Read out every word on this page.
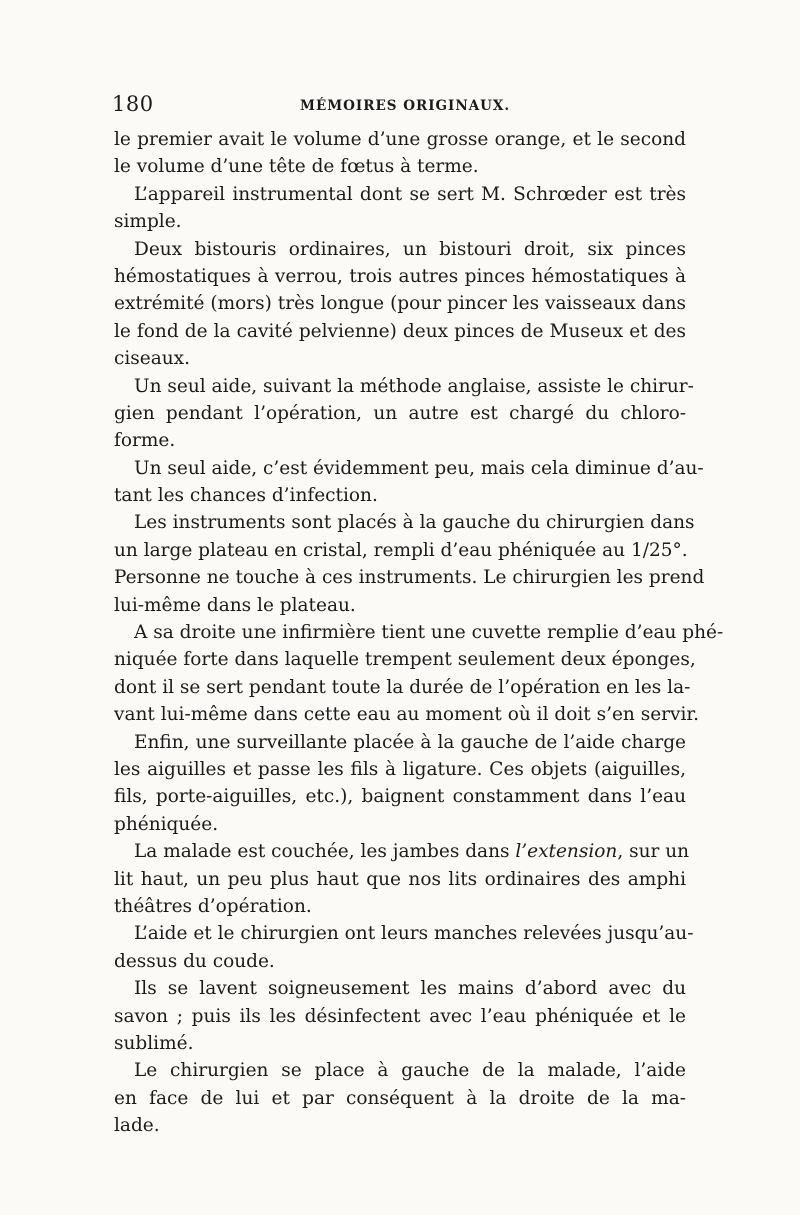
180	MÉMOIRES ORIGINAUX.
le premier avait le volume d’une grosse orange, et le second
le volume d’une tête de fœtus à terme.
L’appareil instrumental dont se sert M. Schrœder est très
simple.
Deux bistouris ordinaires, un bistouri droit, six pinces
hémostatiques à verrou, trois autres pinces hémostatiques à
extrémité (mors) très longue (pour pincer les vaisseaux dans
le fond de la cavité pelvienne) deux pinces de Museux et des
ciseaux.
Un seul aide, suivant la méthode anglaise, assiste le chirur-
gien pendant l’opération, un autre est chargé du chloro-
forme.
Un seul aide, c’est évidemment peu, mais cela diminue d’au-
tant les chances d’infection.
Les instruments sont placés à la gauche du chirurgien dans
un large plateau en cristal, rempli d’eau phéniquée au 1/25°.
Personne ne touche à ces instruments. Le chirurgien les prend
lui-même dans le plateau.
A sa droite une infirmière tient une cuvette remplie d’eau phé-
niquée forte dans laquelle trempent seulement deux éponges,
dont il se sert pendant toute la durée de l’opération en les la-
vant lui-même dans cette eau au moment où il doit s’en servir.
Enfin, une surveillante placée à la gauche de l’aide charge
les aiguilles et passe les fils à ligature. Ces objets (aiguilles,
fils, porte-aiguilles, etc.), baignent constamment dans l’eau
phéniquée.
La malade est couchée, les jambes dans l’extension, sur un
lit haut, un peu plus haut que nos lits ordinaires des amphi
théâtres d’opération.
L’aide et le chirurgien ont leurs manches relevées jusqu’au-
dessus du coude.
Ils se lavent soigneusement les mains d’abord avec du
savon ; puis ils les désinfectent avec l’eau phéniquée et le
sublimé.
Le chirurgien se place à gauche de la malade, l’aide
en face de lui et par conséquent à la droite de la ma-
lade.
